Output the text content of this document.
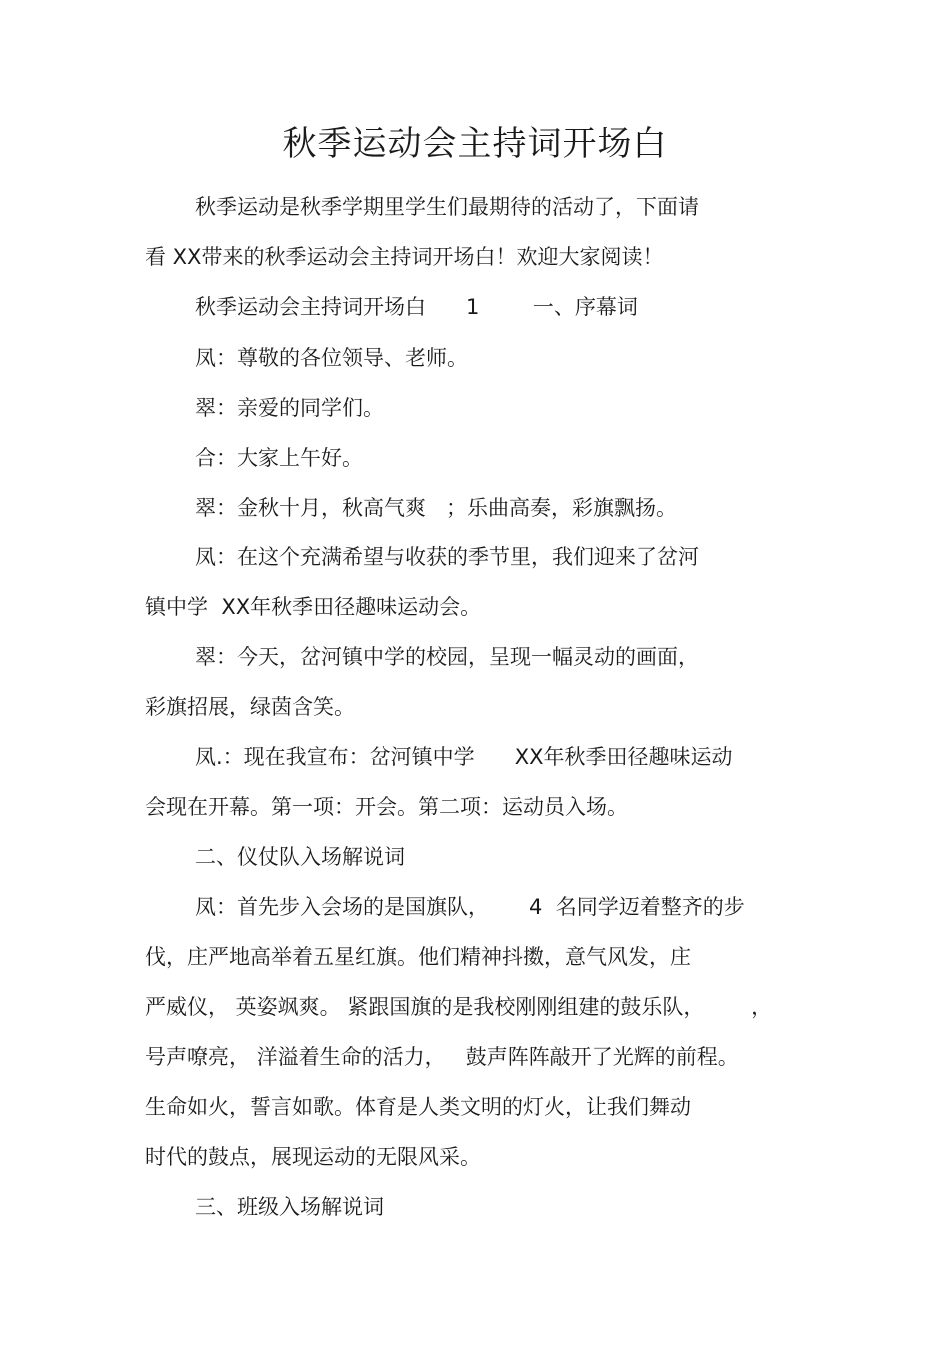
秋季运动会主持词开场白
秋季运动是秋季学期里学生们最期待的活动了，下面请
看 XX带来的秋季运动会主持词开场白！欢迎大家阅读！
秋季运动会主持词开场白      1        一、序幕词
凤：尊敬的各位领导、老师。
翠：亲爱的同学们。
合：大家上午好。
翠：金秋十月，秋高气爽   ；乐曲高奏，彩旗飘扬。
凤：在这个充满希望与收获的季节里，我们迎来了岔河
镇中学  XX年秋季田径趣味运动会。
翠：今天，岔河镇中学的校园，呈现一幅灵动的画面，
彩旗招展，绿茵含笑。
凤.：现在我宣布：岔河镇中学      XX年秋季田径趣味运动
会现在开幕。第一项：开会。第二项：运动员入场。
二、仪仗队入场解说词
凤：首先步入会场的是国旗队，      4  名同学迈着整齐的步
伐，庄严地高举着五星红旗。他们精神抖擞，意气风发，庄
严威仪， 英姿飒爽。 紧跟国旗的是我校刚刚组建的鼓乐队，       ，
号声嘹亮， 洋溢着生命的活力，   鼓声阵阵敲开了光辉的前程。
生命如火，誓言如歌。体育是人类文明的灯火，让我们舞动
时代的鼓点，展现运动的无限风采。
三、班级入场解说词
